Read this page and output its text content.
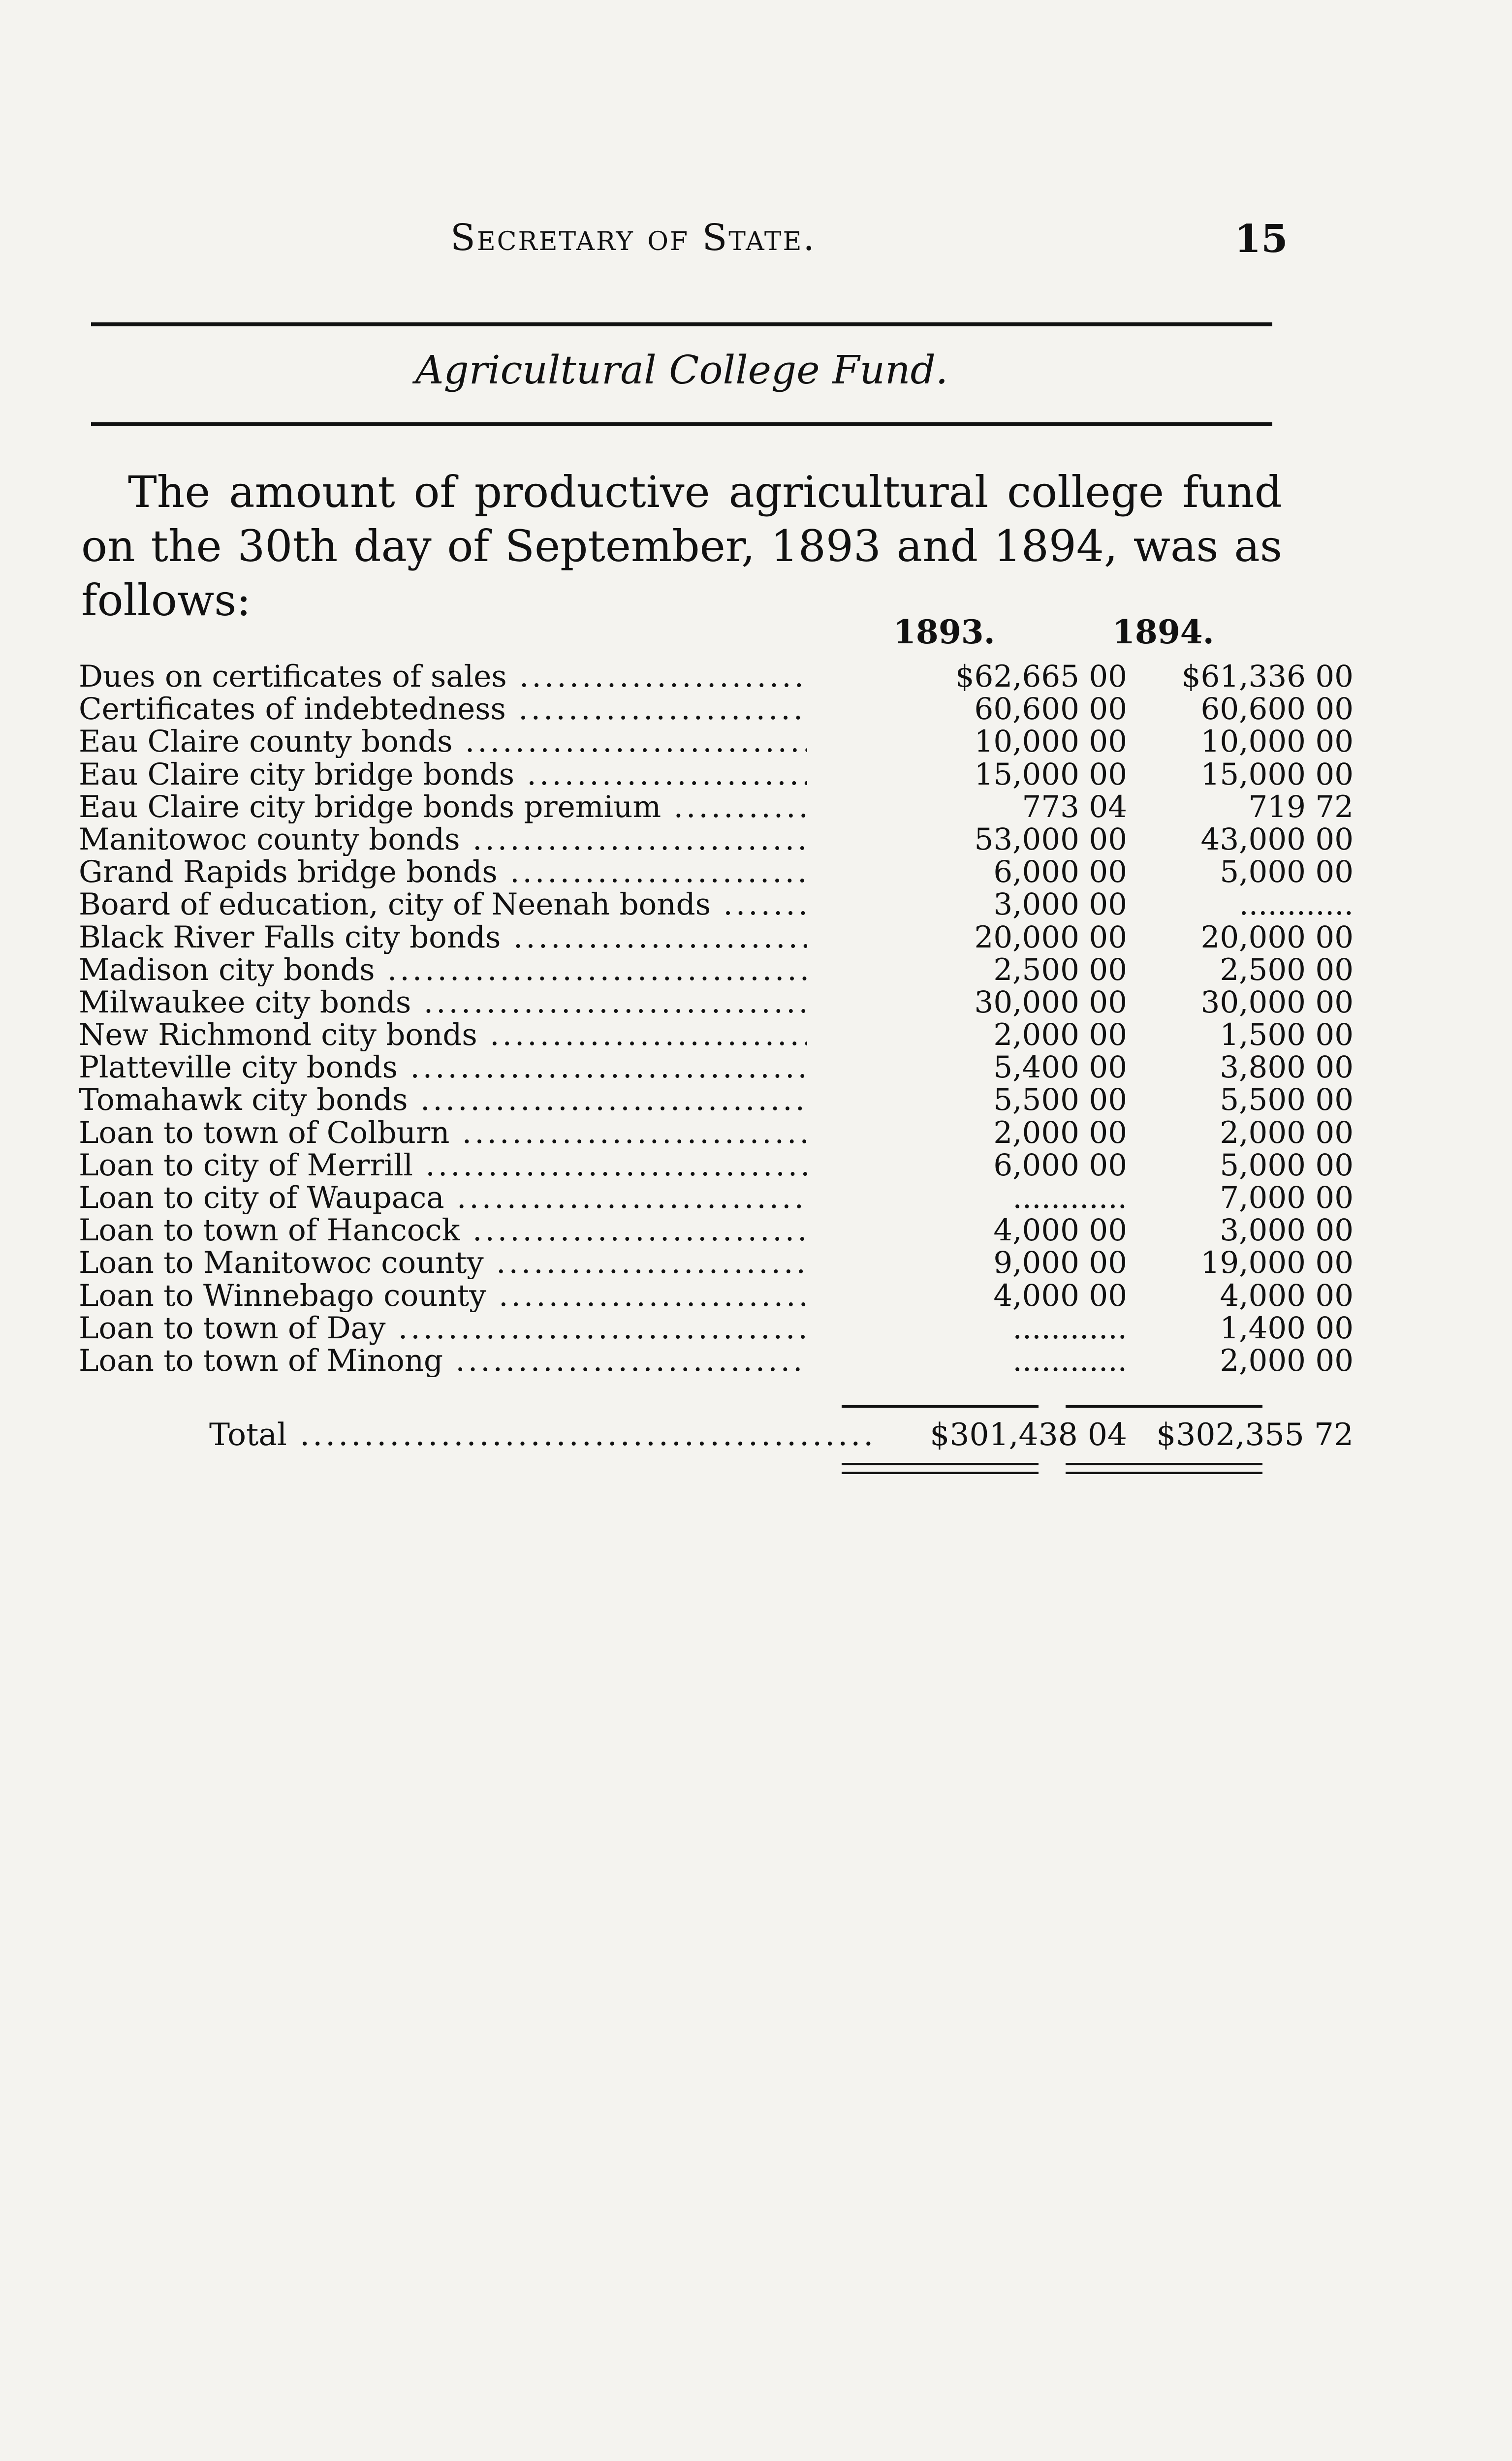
Secretary of State.	15
Agricultural College Fund.
The amount of productive agricultural college fund on the 30th day of September, 1893 and 1894, was as follows:
1893.	1894.
Dues on certificates of sales .....	$62,665 00	$61,336 00
Certificates of indebtedness .....	60,600 00	60,600 00
Eau Claire county bonds .....	10,000 00	10,000 00
Eau Claire city bridge bonds .....	15,000 00	15,000 00
Eau Claire city bridge bonds premium .....	773 04	719 72
Manitowoc county bonds .....	53,000 00	43,000 00
Grand Rapids bridge bonds .....	6,000 00	5,000 00
Board of education, city of Neenah bonds .....	3,000 00	............
Black River Falls city bonds .....	20,000 00	20,000 00
Madison city bonds .....	2,500 00	2,500 00
Milwaukee city bonds .....	30,000 00	30,000 00
New Richmond city bonds .....	2,000 00	1,500 00
Platteville city bonds .....	5,400 00	3,800 00
Tomahawk city bonds .....	5,500 00	5,500 00
Loan to town of Colburn .....	2,000 00	2,000 00
Loan to city of Merrill .....	6,000 00	5,000 00
Loan to city of Waupaca .....	............	7,000 00
Loan to town of Hancock .....	4,000 00	3,000 00
Loan to Manitowoc county .....	9,000 00	19,000 00
Loan to Winnebago county .....	4,000 00	4,000 00
Loan to town of Day .....	............	1,400 00
Loan to town of Minong .....	............	2,000 00
Total .....	$301,438 04 $302,355 72
